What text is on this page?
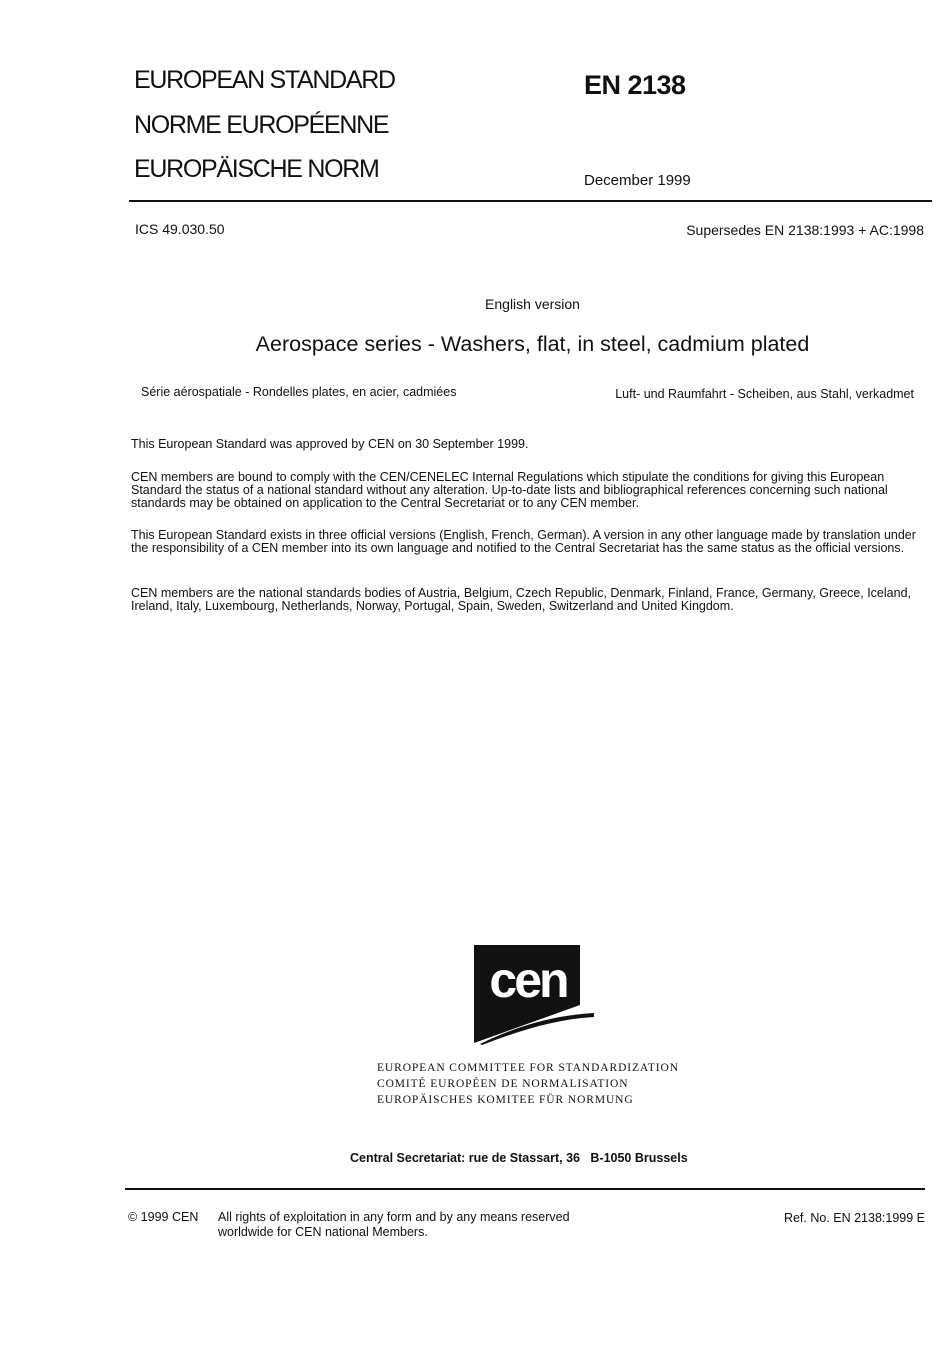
EUROPEAN STANDARD
NORME EUROPÉENNE
EUROPÄISCHE NORM
EN 2138
December 1999
ICS 49.030.50	Supersedes EN 2138:1993 + AC:1998
English version
Aerospace series - Washers, flat, in steel, cadmium plated
Série aérospatiale - Rondelles plates, en acier, cadmiées	Luft- und Raumfahrt - Scheiben, aus Stahl, verkadmet
This European Standard was approved by CEN on 30 September 1999.
CEN members are bound to comply with the CEN/CENELEC Internal Regulations which stipulate the conditions for giving this European Standard the status of a national standard without any alteration. Up-to-date lists and bibliographical references concerning such national standards may be obtained on application to the Central Secretariat or to any CEN member.
This European Standard exists in three official versions (English, French, German). A version in any other language made by translation under the responsibility of a CEN member into its own language and notified to the Central Secretariat has the same status as the official versions.
CEN members are the national standards bodies of Austria, Belgium, Czech Republic, Denmark, Finland, France, Germany, Greece, Iceland, Ireland, Italy, Luxembourg, Netherlands, Norway, Portugal, Spain, Sweden, Switzerland and United Kingdom.
cen
EUROPEAN COMMITTEE FOR STANDARDIZATION
COMITÉ EUROPÉEN DE NORMALISATION
EUROPÄISCHES KOMITEE FÜR NORMUNG
Central Secretariat: rue de Stassart, 36   B-1050 Brussels
© 1999 CEN All rights of exploitation in any form and by any means reserved
worldwide for CEN national Members.
Ref. No. EN 2138:1999 E
